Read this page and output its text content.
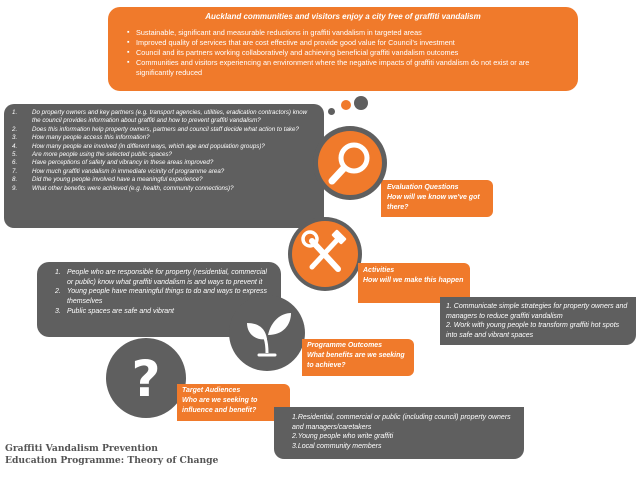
Auckland communities and visitors enjoy a city free of graffiti vandalism
▪ Sustainable, significant and measurable reductions in graffiti vandalism in targeted areas
▪ Improved quality of services that are cost effective and provide good value for Council's investment
▪ Council and its partners working collaboratively and achieving beneficial graffiti vandalism outcomes
▪ Communities and visitors experiencing an environment where the negative impacts of graffiti vandalism do not exist or are significantly reduced
1. Do property owners and key partners (e.g. transport agencies, utilities, eradication contractors) know the council provides information about graffiti and how to prevent graffiti vandalism?
2. Does this information help property owners, partners and council staff decide what action to take?
3. How many people access this information?
4. How many people are involved (in different ways, which age and population groups)?
5. Are more people using the selected public spaces?
6. Have perceptions of safety and vibrancy in these areas improved?
7. How much graffiti vandalism in immediate vicinity of programme area?
8. Did the young people involved have a meaningful experience?
9. What other benefits were achieved (e.g. health, community connections)?	Evaluation Questions
How will we know we've got there?
Activities
How will we make this happen
1. People who are responsible for property (residential, commercial or public) know what graffiti vandalism is and ways to prevent it
2. Young people have meaningful things to do and ways to express themselves
3. Public spaces are safe and vibrant
1. Communicate simple strategies for property owners and managers to reduce graffiti vandalism
2. Work with young people to transform graffiti hot spots into safe and vibrant spaces
Programme Outcomes
What benefits are we seeking to achieve?
?	Target Audiences
Who are we seeking to influence and benefit?
1.Residential, commercial or public (including council) property owners and managers/caretakers
2.Young people who write graffiti
3.Local community members
Graffiti Vandalism Prevention
Education Programme: Theory of Change
